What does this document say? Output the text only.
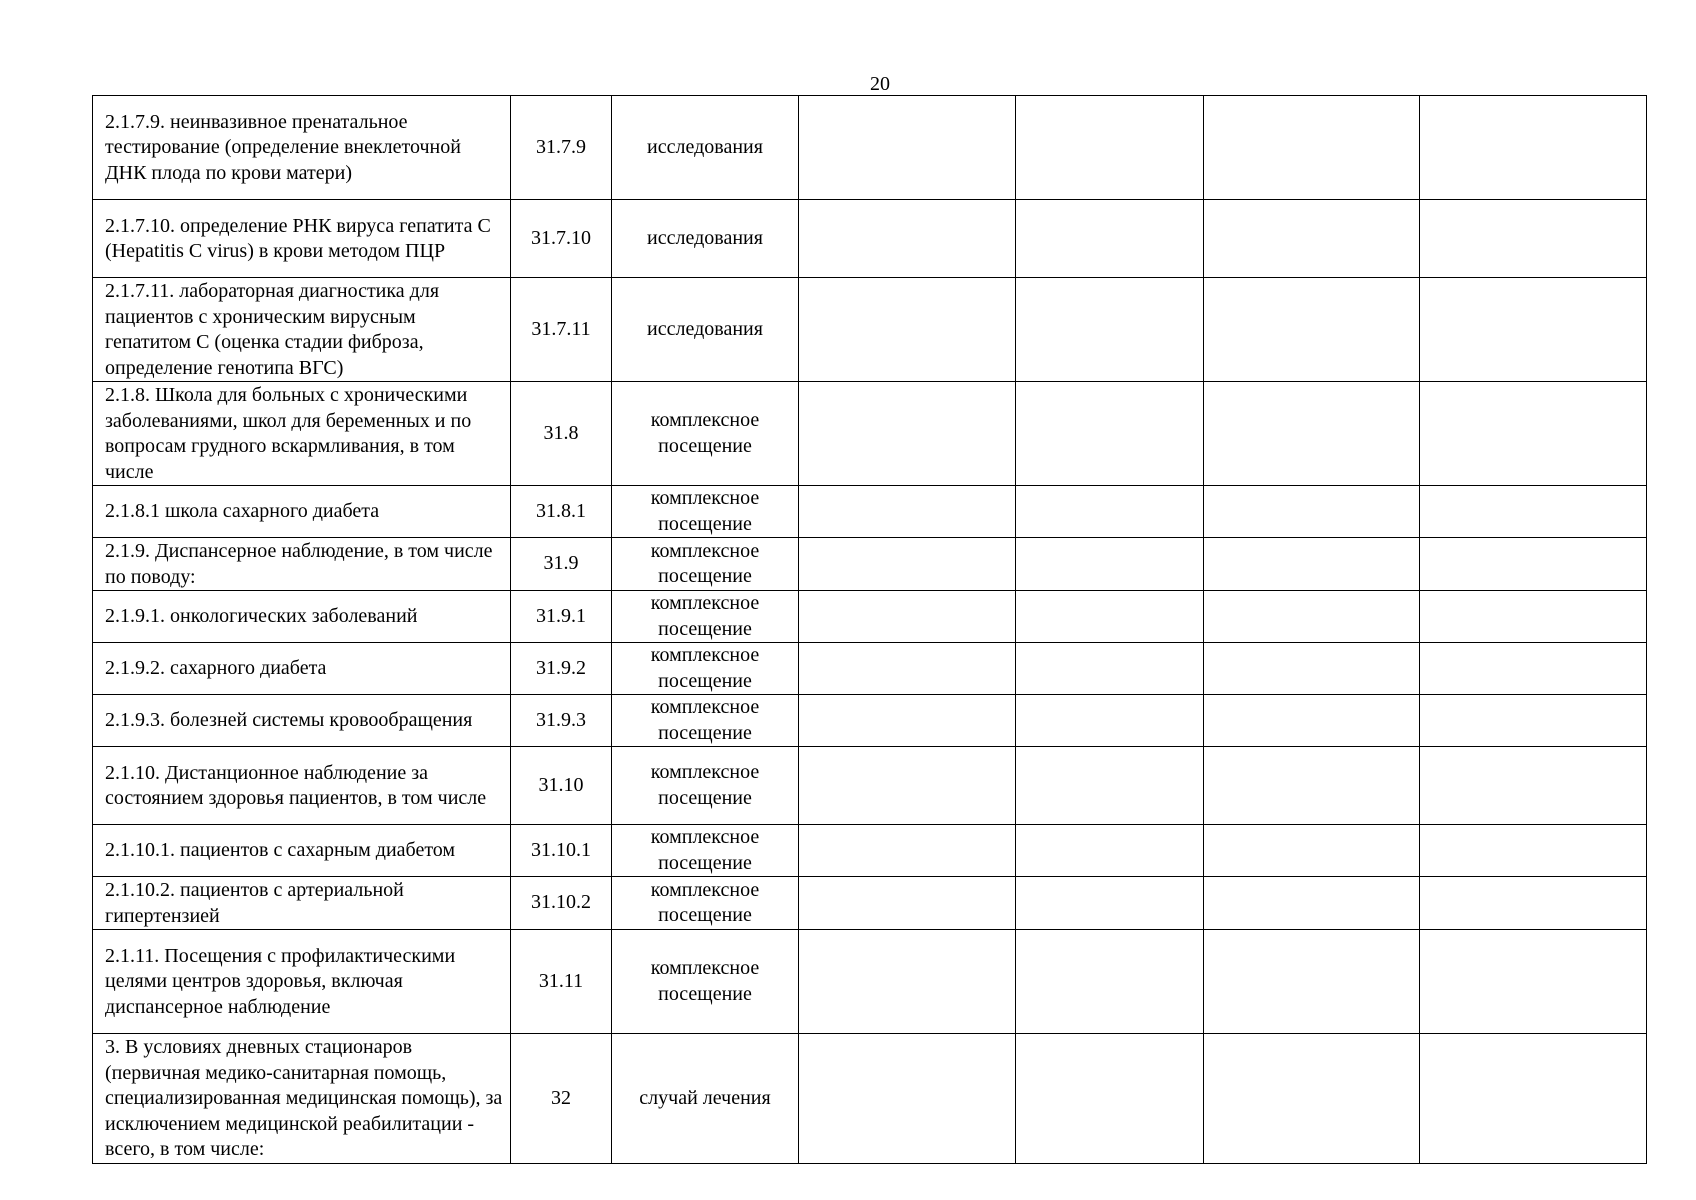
20
2.1.7.9. неинвазивное пренатальное тестирование (определение внеклеточной ДНК плода по крови матери)	31.7.9	исследования				
2.1.7.10. определение РНК вируса гепатита С (Hepatitis C virus) в крови методом ПЦР	31.7.10	исследования				
2.1.7.11. лабораторная диагностика для пациентов с хроническим вирусным гепатитом С (оценка стадии фиброза, определение генотипа ВГС)	31.7.11	исследования				
2.1.8. Школа для больных с хроническими заболеваниями, школ для беременных и по вопросам грудного вскармливания, в том числе	31.8	комплексное посещение				
2.1.8.1 школа сахарного диабета	31.8.1	комплексное посещение				
2.1.9. Диспансерное наблюдение, в том числе по поводу:	31.9	комплексное посещение				
2.1.9.1. онкологических заболеваний	31.9.1	комплексное посещение				
2.1.9.2. сахарного диабета	31.9.2	комплексное посещение				
2.1.9.3. болезней системы кровообращения	31.9.3	комплексное посещение				
2.1.10. Дистанционное наблюдение за состоянием здоровья пациентов, в том числе	31.10	комплексное посещение				
2.1.10.1. пациентов с сахарным диабетом	31.10.1	комплексное посещение				
2.1.10.2. пациентов с артериальной гипертензией	31.10.2	комплексное посещение				
2.1.11. Посещения с профилактическими целями центров здоровья, включая диспансерное наблюдение	31.11	комплексное посещение				
3. В условиях дневных стационаров (первичная медико-санитарная помощь, специализированная медицинская помощь), за исключением медицинской реабилитации - всего, в том числе:	32	случай лечения				
